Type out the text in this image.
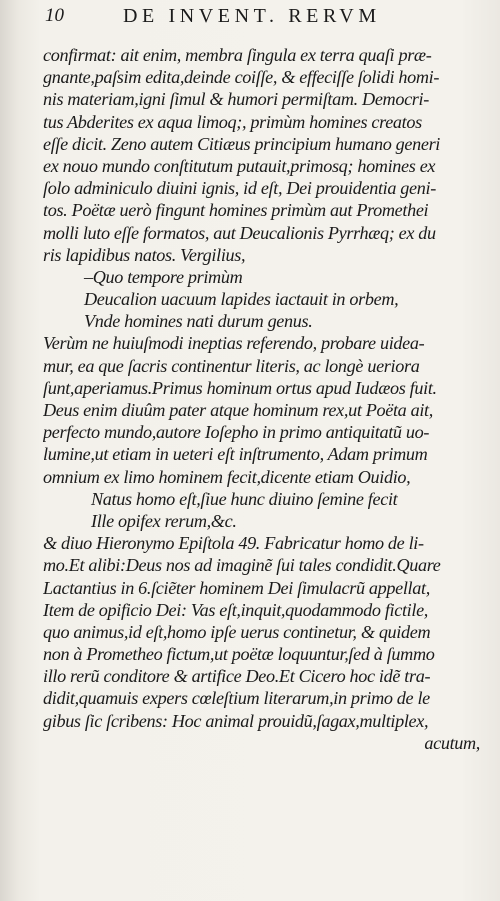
10	DE INVENT. RERVM
confirmat: ait enim, membra ſingula ex terra quaſi præ-
gnante,paſsim edita,deinde coiſſe, & effeciſſe ſolidi homi-
nis materiam,igni ſimul & humori permiſtam. Democri-
tus Abderites ex aqua limoq;, primùm homines creatos
eſſe dicit. Zeno autem Citiæus principium humano generi
ex nouo mundo conſtitutum putauit,primosq; homines ex
ſolo adminiculo diuini ignis, id eſt, Dei prouidentia geni-
tos. Poëtæ uerò fingunt homines primùm aut Promethei
molli luto eſſe formatos, aut Deucalionis Pyrrhæq; ex du
ris lapidibus natos. Vergilius,
–Quo tempore primùm
Deucalion uacuum lapides iactauit in orbem,
Vnde homines nati durum genus.
Verùm ne huiuſmodi ineptias referendo, probare uidea-
mur, ea que ſacris continentur literis, ac longè ueriora
ſunt,aperiamus.Primus hominum ortus apud Iudæos fuit.
Deus enim diuûm pater atque hominum rex,ut Poëta ait,
perfecto mundo,autore Ioſepho in primo antiquitatũ uo-
lumine,ut etiam in ueteri eſt inſtrumento, Adam primum
omnium ex limo hominem fecit,dicente etiam Ouidio,
Natus homo eſt,ſiue hunc diuino ſemine fecit
Ille opifex rerum,&c.
& diuo Hieronymo Epiſtola 49. Fabricatur homo de li-
mo.Et alibi:Deus nos ad imaginẽ ſui tales condidit.Quare
Lactantius in 6.ſciẽter hominem Dei ſimulacrũ appellat,
Item de opificio Dei: Vas eſt,inquit,quodammodo fictile,
quo animus,id eſt,homo ipſe uerus continetur, & quidem
non à Prometheo fictum,ut poëtæ loquuntur,ſed à ſummo
illo rerũ conditore & artifice Deo.Et Cicero hoc idẽ tra-
didit,quamuis expers cœleſtium literarum,in primo de le
gibus ſic ſcribens: Hoc animal prouidũ,ſagax,multiplex,
acutum,
